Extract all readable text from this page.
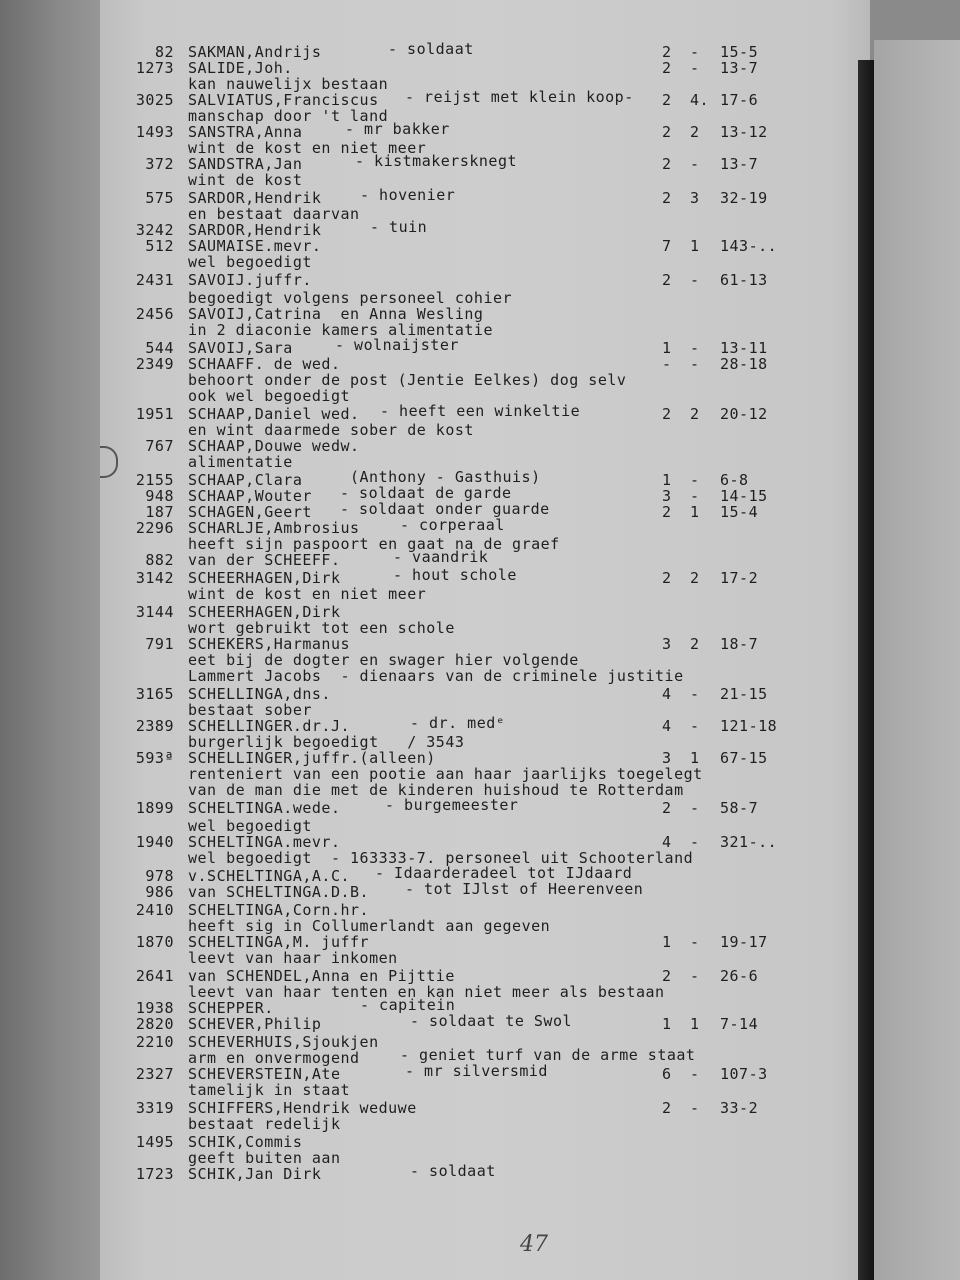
82 SAKMAN,Andrijs	- soldaat	2 - 15-5
1273 SALIDE,Joh.	2 - 13-7
kan nauwelijx bestaan
3025 SALVIATUS,Franciscus - reijst met klein koop- 2 4. 17-6
manschap door 't land
1493 SANSTRA,Anna	- mr bakker	2 2 13-12
wint de kost en niet meer
372 SANDSTRA,Jan	- kistmakersknegt	2 - 13-7
wint de kost
575 SARDOR,Hendrik	- hovenier	2 3 32-19
en bestaat daarvan
3242 SARDOR,Hendrik	- tuin
512 SAUMAISE.mevr.	7 1 143-..
wel begoedigt
2431 SAVOIJ.juffr.	2 - 61-13
begoedigt volgens personeel cohier
2456 SAVOIJ,Catrina  en Anna Wesling
in 2 diaconie kamers alimentatie
544 SAVOIJ,Sara	- wolnaijster	1 - 13-11
2349 SCHAAFF. de wed.	- - 28-18
behoort onder de post (Jentie Eelkes) dog selv
ook wel begoedigt
1951 SCHAAP,Daniel wed. - heeft een winkeltie	2 2 20-12
en wint daarmede sober de kost
767 SCHAAP,Douwe wedw.
alimentatie
2155 SCHAAP,Clara	(Anthony - Gasthuis)	1 - 6-8
948 SCHAAP,Wouter - soldaat de garde	3 - 14-15
187 SCHAGEN,Geert - soldaat onder guarde	2 1 15-4
2296 SCHARLJE,Ambrosius	- corperaal
heeft sijn paspoort en gaat na de graef
882 van der SCHEEFF.	- vaandrik
3142 SCHEERHAGEN,Dirk	- hout schole	2 2 17-2
wint de kost en niet meer
3144 SCHEERHAGEN,Dirk
wort gebruikt tot een schole
791 SCHEKERS,Harmanus	3 2 18-7
eet bij de dogter en swager hier volgende
Lammert Jacobs  - dienaars van de criminele justitie
3165 SCHELLINGA,dns.	4 - 21-15
bestaat sober
2389 SCHELLINGER.dr.J.	- dr. medᵉ	4 - 121-18
burgerlijk begoedigt   / 3543
593ª SCHELLINGER,juffr.(alleen)	3 1 67-15
renteniert van een pootie aan haar jaarlijks toegelegt
van de man die met de kinderen huishoud te Rotterdam
1899 SCHELTINGA.wede.	- burgemeester	2 - 58-7
wel begoedigt
1940 SCHELTINGA.mevr.	4 - 321-..
wel begoedigt  - 163333-7. personeel uit Schooterland
978 v.SCHELTINGA,A.C. - Idaarderadeel tot IJdaard
986 van SCHELTINGA.D.B. - tot IJlst of Heerenveen
2410 SCHELTINGA,Corn.hr.
heeft sig in Collumerlandt aan gegeven
1870 SCHELTINGA,M. juffr	1 - 19-17
leevt van haar inkomen
2641 van SCHENDEL,Anna en Pijttie	2 - 26-6
leevt van haar tenten en kan niet meer als bestaan
1938 SCHEPPER.	- capitein
2820 SCHEVER,Philip	- soldaat te Swol	1 1 7-14
2210 SCHEVERHUIS,Sjoukjen
arm en onvermogend	- geniet turf van de arme staat
2327 SCHEVERSTEIN,Ate	- mr silversmid	6 - 107-3
tamelijk in staat
3319 SCHIFFERS,Hendrik weduwe	2 - 33-2
bestaat redelijk
1495 SCHIK,Commis
geeft buiten aan
1723 SCHIK,Jan Dirk	- soldaat
47
